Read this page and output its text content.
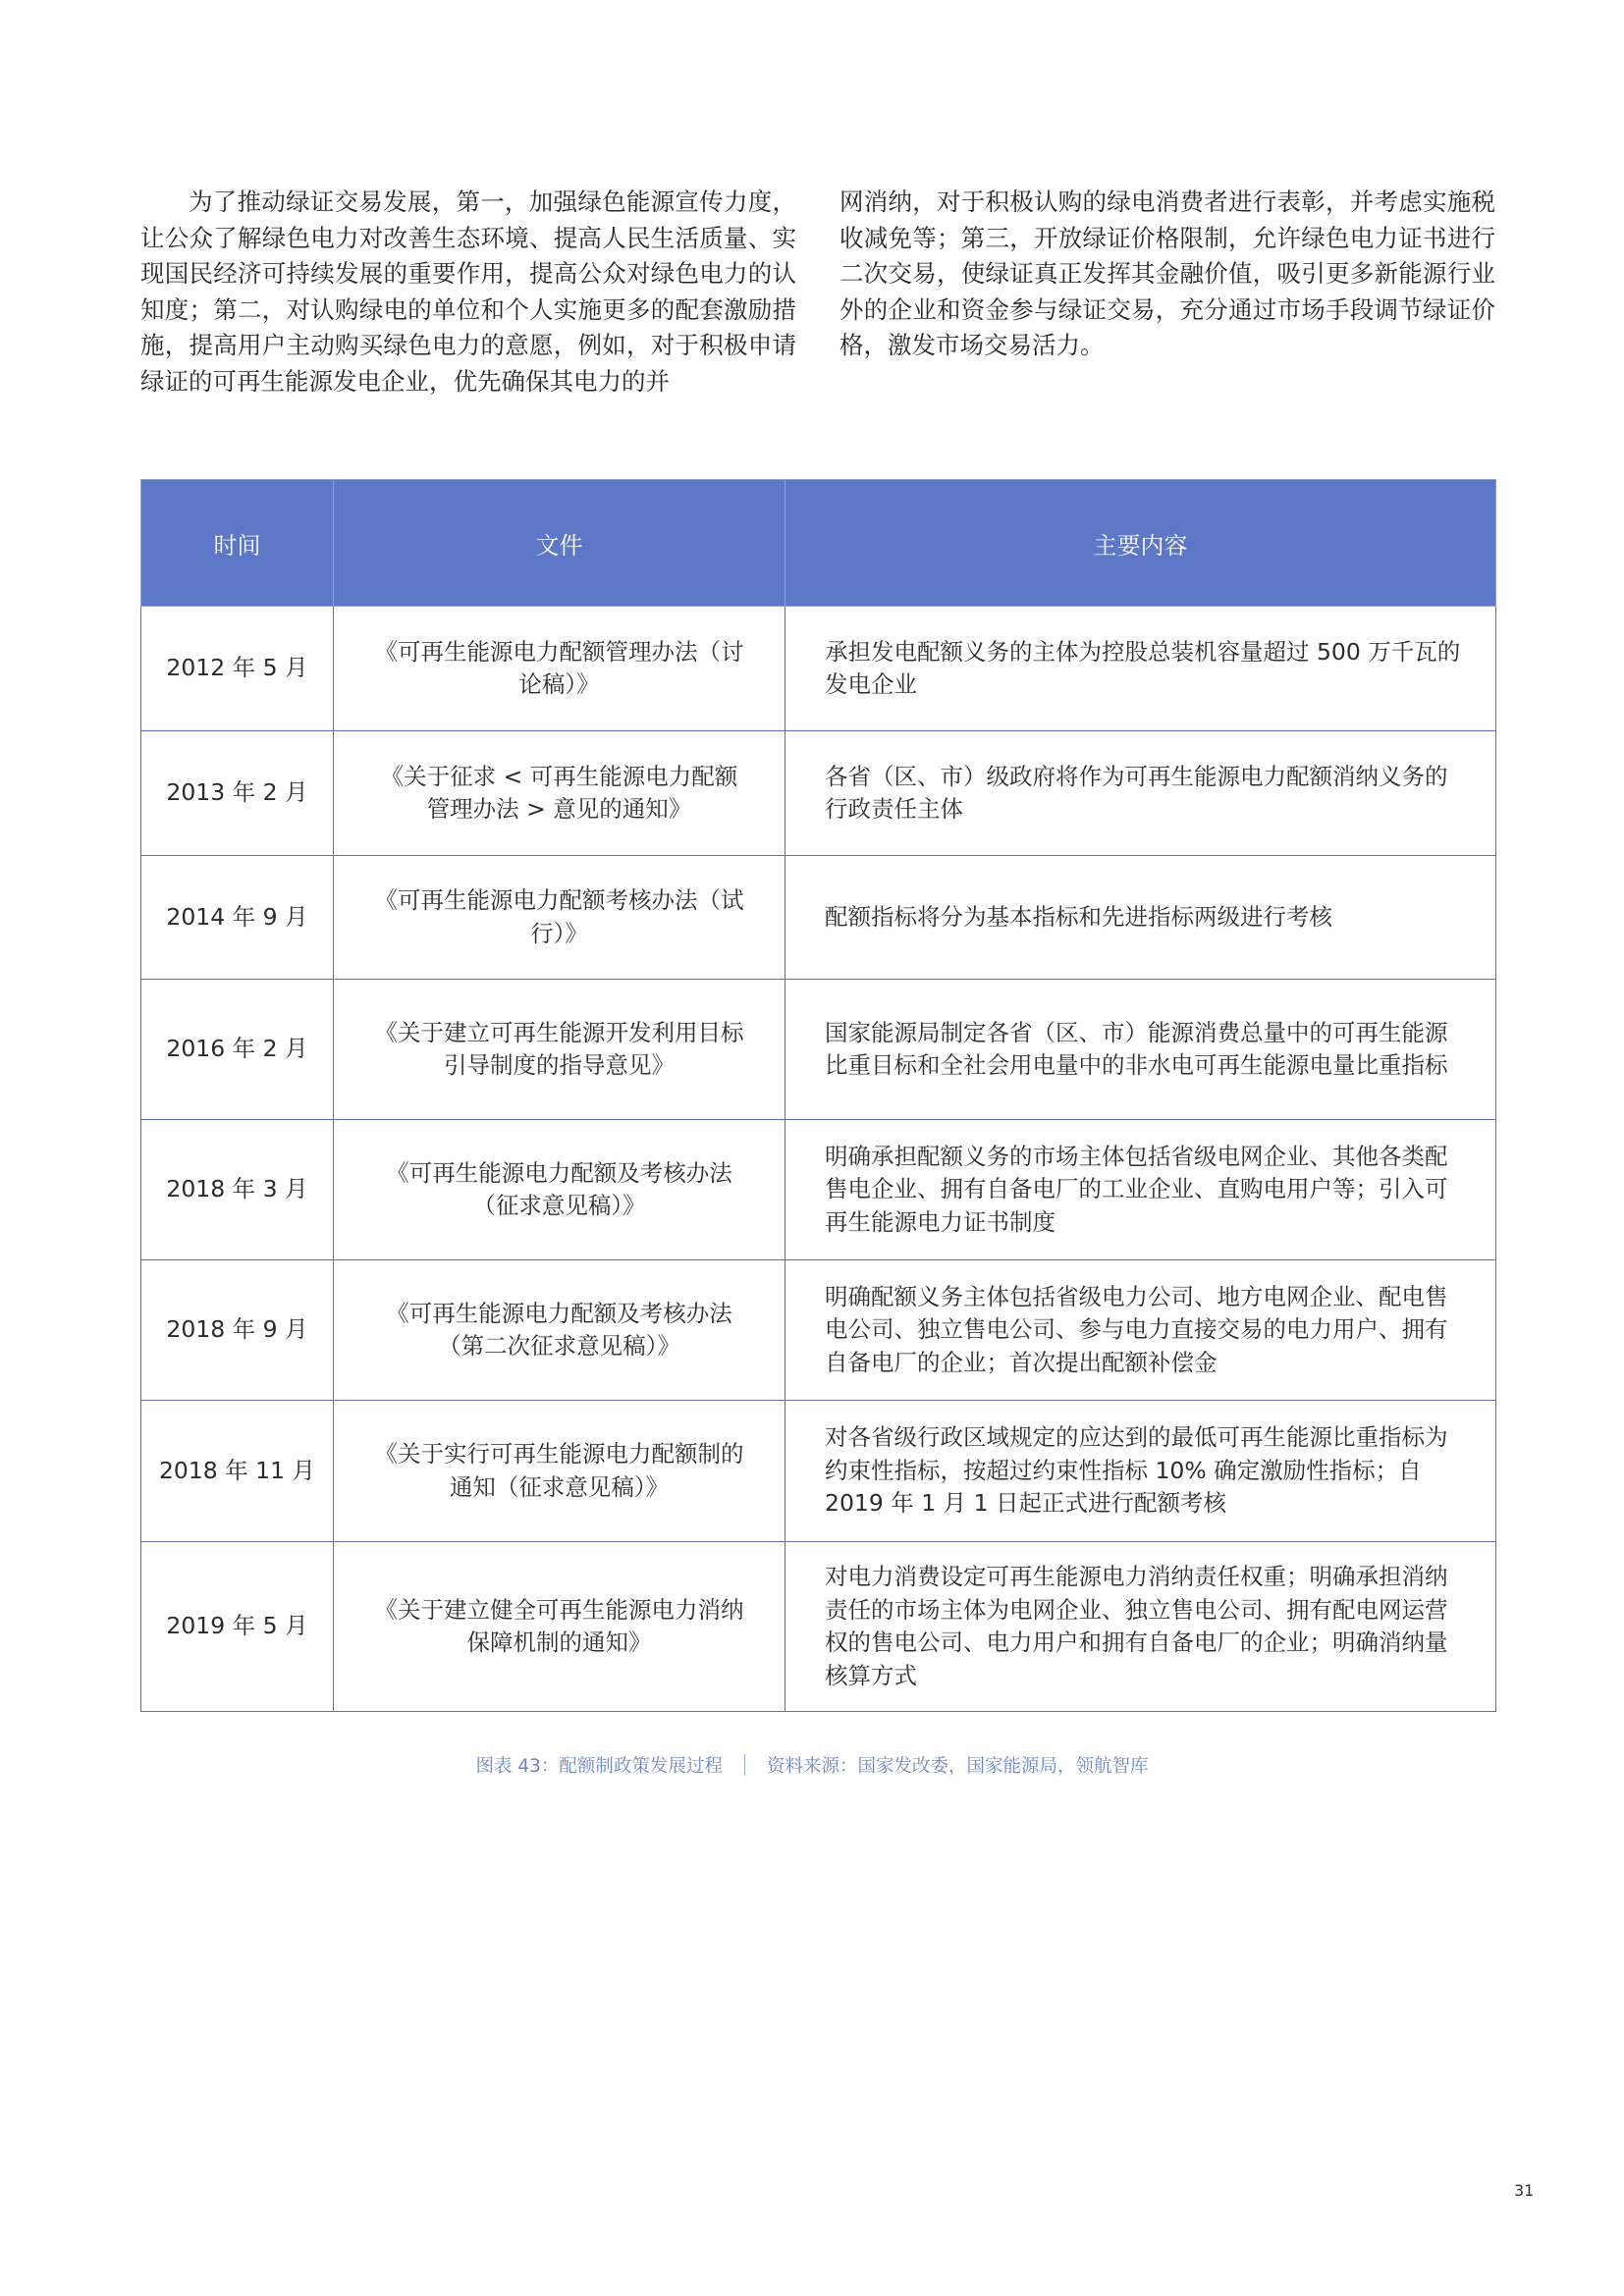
为了推动绿证交易发展，第一，加强绿色能源宣传力度，让公众了解绿色电力对改善生态环境、提高人民生活质量、实现国民经济可持续发展的重要作用，提高公众对绿色电力的认知度；第二，对认购绿电的单位和个人实施更多的配套激励措施，提高用户主动购买绿色电力的意愿，例如，对于积极申请绿证的可再生能源发电企业，优先确保其电力的并

网消纳，对于积极认购的绿电消费者进行表彰，并考虑实施税收减免等；第三，开放绿证价格限制，允许绿色电力证书进行二次交易，使绿证真正发挥其金融价值，吸引更多新能源行业外的企业和资金参与绿证交易，充分通过市场手段调节绿证价格，激发市场交易活力。

时间	文件	主要内容
2012 年 5 月	《可再生能源电力配额管理办法（讨论稿）》	承担发电配额义务的主体为控股总装机容量超过 500 万千瓦的发电企业
2013 年 2 月	《关于征求 < 可再生能源电力配额管理办法 > 意见的通知》	各省（区、市）级政府将作为可再生能源电力配额消纳义务的行政责任主体
2014 年 9 月	《可再生能源电力配额考核办法（试行）》	配额指标将分为基本指标和先进指标两级进行考核
2016 年 2 月	《关于建立可再生能源开发利用目标引导制度的指导意见》	国家能源局制定各省（区、市）能源消费总量中的可再生能源比重目标和全社会用电量中的非水电可再生能源电量比重指标
2018 年 3 月	《可再生能源电力配额及考核办法（征求意见稿）》	明确承担配额义务的市场主体包括省级电网企业、其他各类配售电企业、拥有自备电厂的工业企业、直购电用户等；引入可再生能源电力证书制度
2018 年 9 月	《可再生能源电力配额及考核办法（第二次征求意见稿）》	明确配额义务主体包括省级电力公司、地方电网企业、配电售电公司、独立售电公司、参与电力直接交易的电力用户、拥有自备电厂的企业；首次提出配额补偿金
2018 年 11 月	《关于实行可再生能源电力配额制的通知（征求意见稿）》	对各省级行政区域规定的应达到的最低可再生能源比重指标为约束性指标，按超过约束性指标 10% 确定激励性指标；自 2019 年 1 月 1 日起正式进行配额考核
2019 年 5 月	《关于建立健全可再生能源电力消纳保障机制的通知》	对电力消费设定可再生能源电力消纳责任权重；明确承担消纳责任的市场主体为电网企业、独立售电公司、拥有配电网运营权的售电公司、电力用户和拥有自备电厂的企业；明确消纳量核算方式
图表 43：配额制政策发展过程 资料来源：国家发改委，国家能源局，领航智库
31
